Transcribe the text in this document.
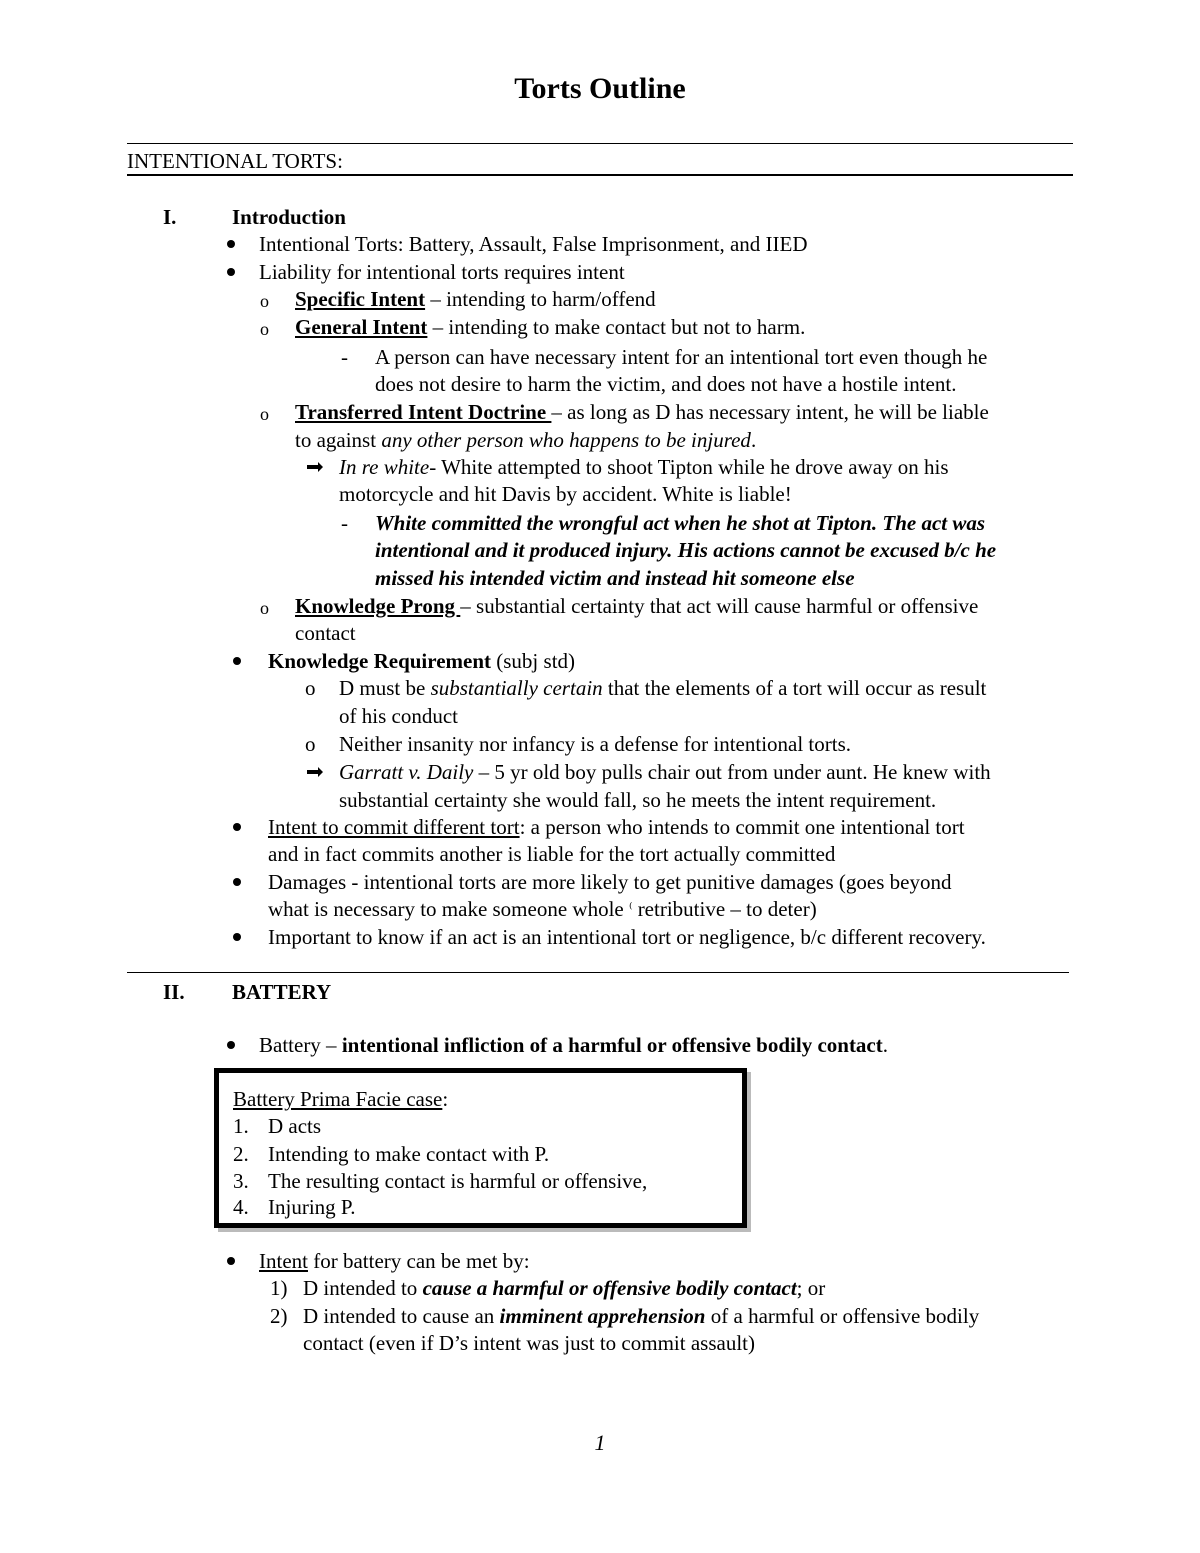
Torts Outline
INTENTIONAL TORTS:
I.	Introduction
Intentional Torts: Battery, Assault, False Imprisonment, and IIED
Liability for intentional torts requires intent
o Specific Intent – intending to harm/offend
o General Intent – intending to make contact but not to harm.
- A person can have necessary intent for an intentional tort even though he
does not desire to harm the victim, and does not have a hostile intent.
o Transferred Intent Doctrine – as long as D has necessary intent, he will be liable
to against any other person who happens to be injured.
In re white- White attempted to shoot Tipton while he drove away on his
motorcycle and hit Davis by accident. White is liable!
- White committed the wrongful act when he shot at Tipton. The act was
intentional and it produced injury. His actions cannot be excused b/c he
missed his intended victim and instead hit someone else
o Knowledge Prong – substantial certainty that act will cause harmful or offensive
contact
Knowledge Requirement (subj std)
o D must be substantially certain that the elements of a tort will occur as result
of his conduct
o Neither insanity nor infancy is a defense for intentional torts.
Garratt v. Daily – 5 yr old boy pulls chair out from under aunt. He knew with
substantial certainty she would fall, so he meets the intent requirement.
Intent to commit different tort: a person who intends to commit one intentional tort
and in fact commits another is liable for the tort actually committed
Damages - intentional torts are more likely to get punitive damages (goes beyond
what is necessary to make someone whole ⁽ retributive – to deter)
Important to know if an act is an intentional tort or negligence, b/c different recovery.
II. BATTERY
Battery – intentional infliction of a harmful or offensive bodily contact.
Battery Prima Facie case:
1. D acts
2. Intending to make contact with P.
3. The resulting contact is harmful or offensive,
4. Injuring P.
Intent for battery can be met by:
1) D intended to cause a harmful or offensive bodily contact; or
2) D intended to cause an imminent apprehension of a harmful or offensive bodily
contact (even if D’s intent was just to commit assault)
1
